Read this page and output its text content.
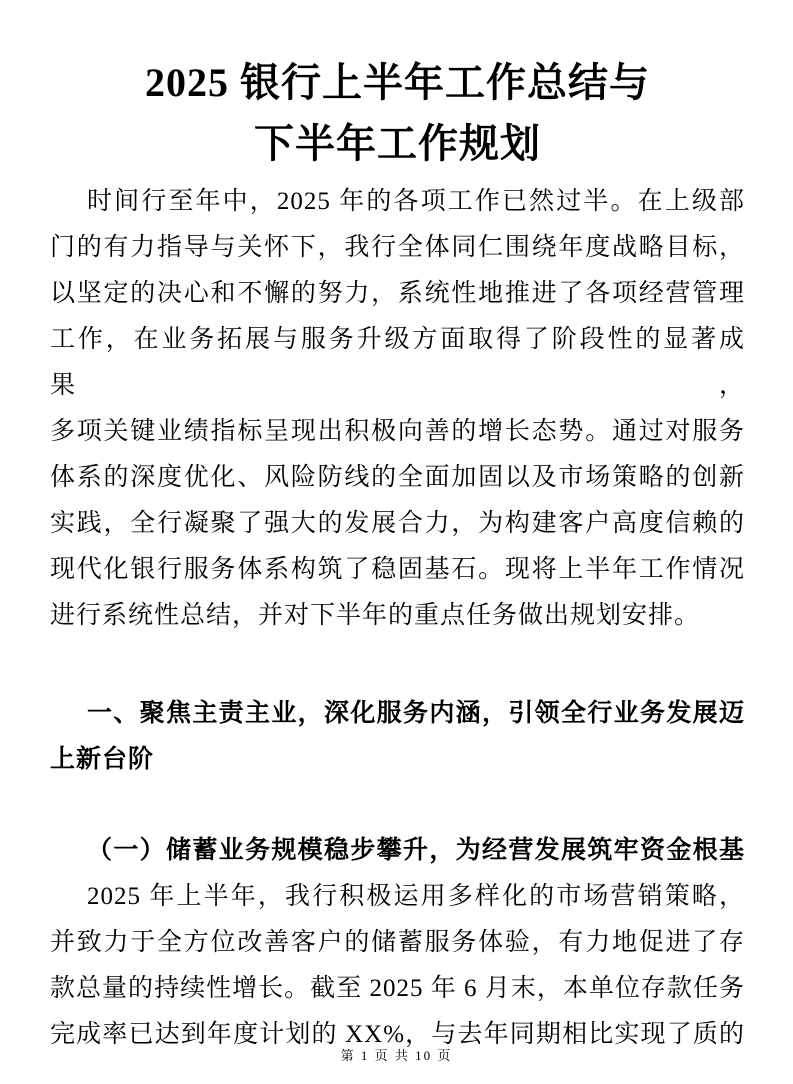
2025 银行上半年工作总结与
下半年工作规划
时间行至年中，2025 年的各项工作已然过半。在上级部
门的有力指导与关怀下，我行全体同仁围绕年度战略目标，
以坚定的决心和不懈的努力，系统性地推进了各项经营管理
工作，在业务拓展与服务升级方面取得了阶段性的显著成果，
多项关键业绩指标呈现出积极向善的增长态势。通过对服务
体系的深度优化、风险防线的全面加固以及市场策略的创新
实践，全行凝聚了强大的发展合力，为构建客户高度信赖的
现代化银行服务体系构筑了稳固基石。现将上半年工作情况
进行系统性总结，并对下半年的重点任务做出规划安排。
一、聚焦主责主业，深化服务内涵，引领全行业务发展迈
上新台阶
（一）储蓄业务规模稳步攀升，为经营发展筑牢资金根基
2025 年上半年，我行积极运用多样化的市场营销策略，
并致力于全方位改善客户的储蓄服务体验，有力地促进了存
款总量的持续性增长。截至 2025 年 6 月末，本单位存款任务
完成率已达到年度计划的 XX%，与去年同期相比实现了质的
第 1 页 共 10 页
